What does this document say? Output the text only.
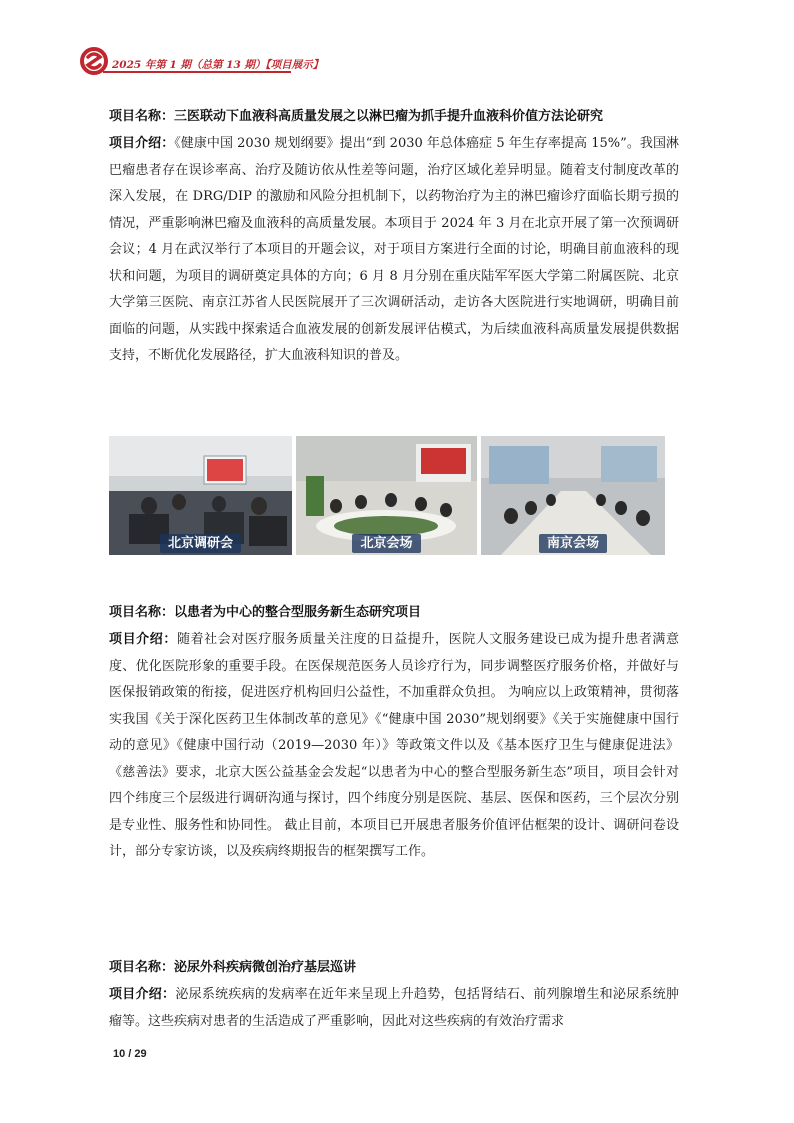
2025 年第 1 期（总第 13 期）【项目展示】
项目名称：三医联动下血液科高质量发展之以淋巴瘤为抓手提升血液科价值方法论研究
项目介绍：《健康中国 2030 规划纲要》提出“到 2030 年总体癌症 5 年生存率提高 15%”。我国淋巴瘤患者存在误诊率高、治疗及随访依从性差等问题，治疗区域化差异明显。随着支付制度改革的深入发展，在 DRG/DIP 的激励和风险分担机制下，以药物治疗为主的淋巴瘤诊疗面临长期亏损的情况，严重影响淋巴瘤及血液科的高质量发展。本项目于 2024 年 3 月在北京开展了第一次预调研会议；4 月在武汉举行了本项目的开题会议，对于项目方案进行全面的讨论，明确目前血液科的现状和问题，为项目的调研奠定具体的方向；6 月 8 月分别在重庆陆军军医大学第二附属医院、北京大学第三医院、南京江苏省人民医院展开了三次调研活动，走访各大医院进行实地调研，明确目前面临的问题，从实践中探索适合血液发展的创新发展评估模式，为后续血液科高质量发展提供数据支持，不断优化发展路径，扩大血液科知识的普及。
北京调研会	北京会场	南京会场
项目名称：以患者为中心的整合型服务新生态研究项目
项目介绍：随着社会对医疗服务质量关注度的日益提升，医院人文服务建设已成为提升患者满意度、优化医院形象的重要手段。在医保规范医务人员诊疗行为，同步调整医疗服务价格，并做好与医保报销政策的衔接，促进医疗机构回归公益性，不加重群众负担。 为响应以上政策精神，贯彻落实我国《关于深化医药卫生体制改革的意见》《“健康中国 2030”规划纲要》《关于实施健康中国行动的意见》《健康中国行动（2019—2030 年）》等政策文件以及《基本医疗卫生与健康促进法》《慈善法》要求，北京大医公益基金会发起“以患者为中心的整合型服务新生态”项目，项目会针对四个纬度三个层级进行调研沟通与探讨，四个纬度分别是医院、基层、医保和医药，三个层次分别是专业性、服务性和协同性。 截止目前，本项目已开展患者服务价值评估框架的设计、调研问卷设计，部分专家访谈，以及疾病终期报告的框架撰写工作。
项目名称：泌尿外科疾病微创治疗基层巡讲
项目介绍：泌尿系统疾病的发病率在近年来呈现上升趋势，包括肾结石、前列腺增生和泌尿系统肿瘤等。这些疾病对患者的生活造成了严重影响，因此对这些疾病的有效治疗需求
10 / 29
